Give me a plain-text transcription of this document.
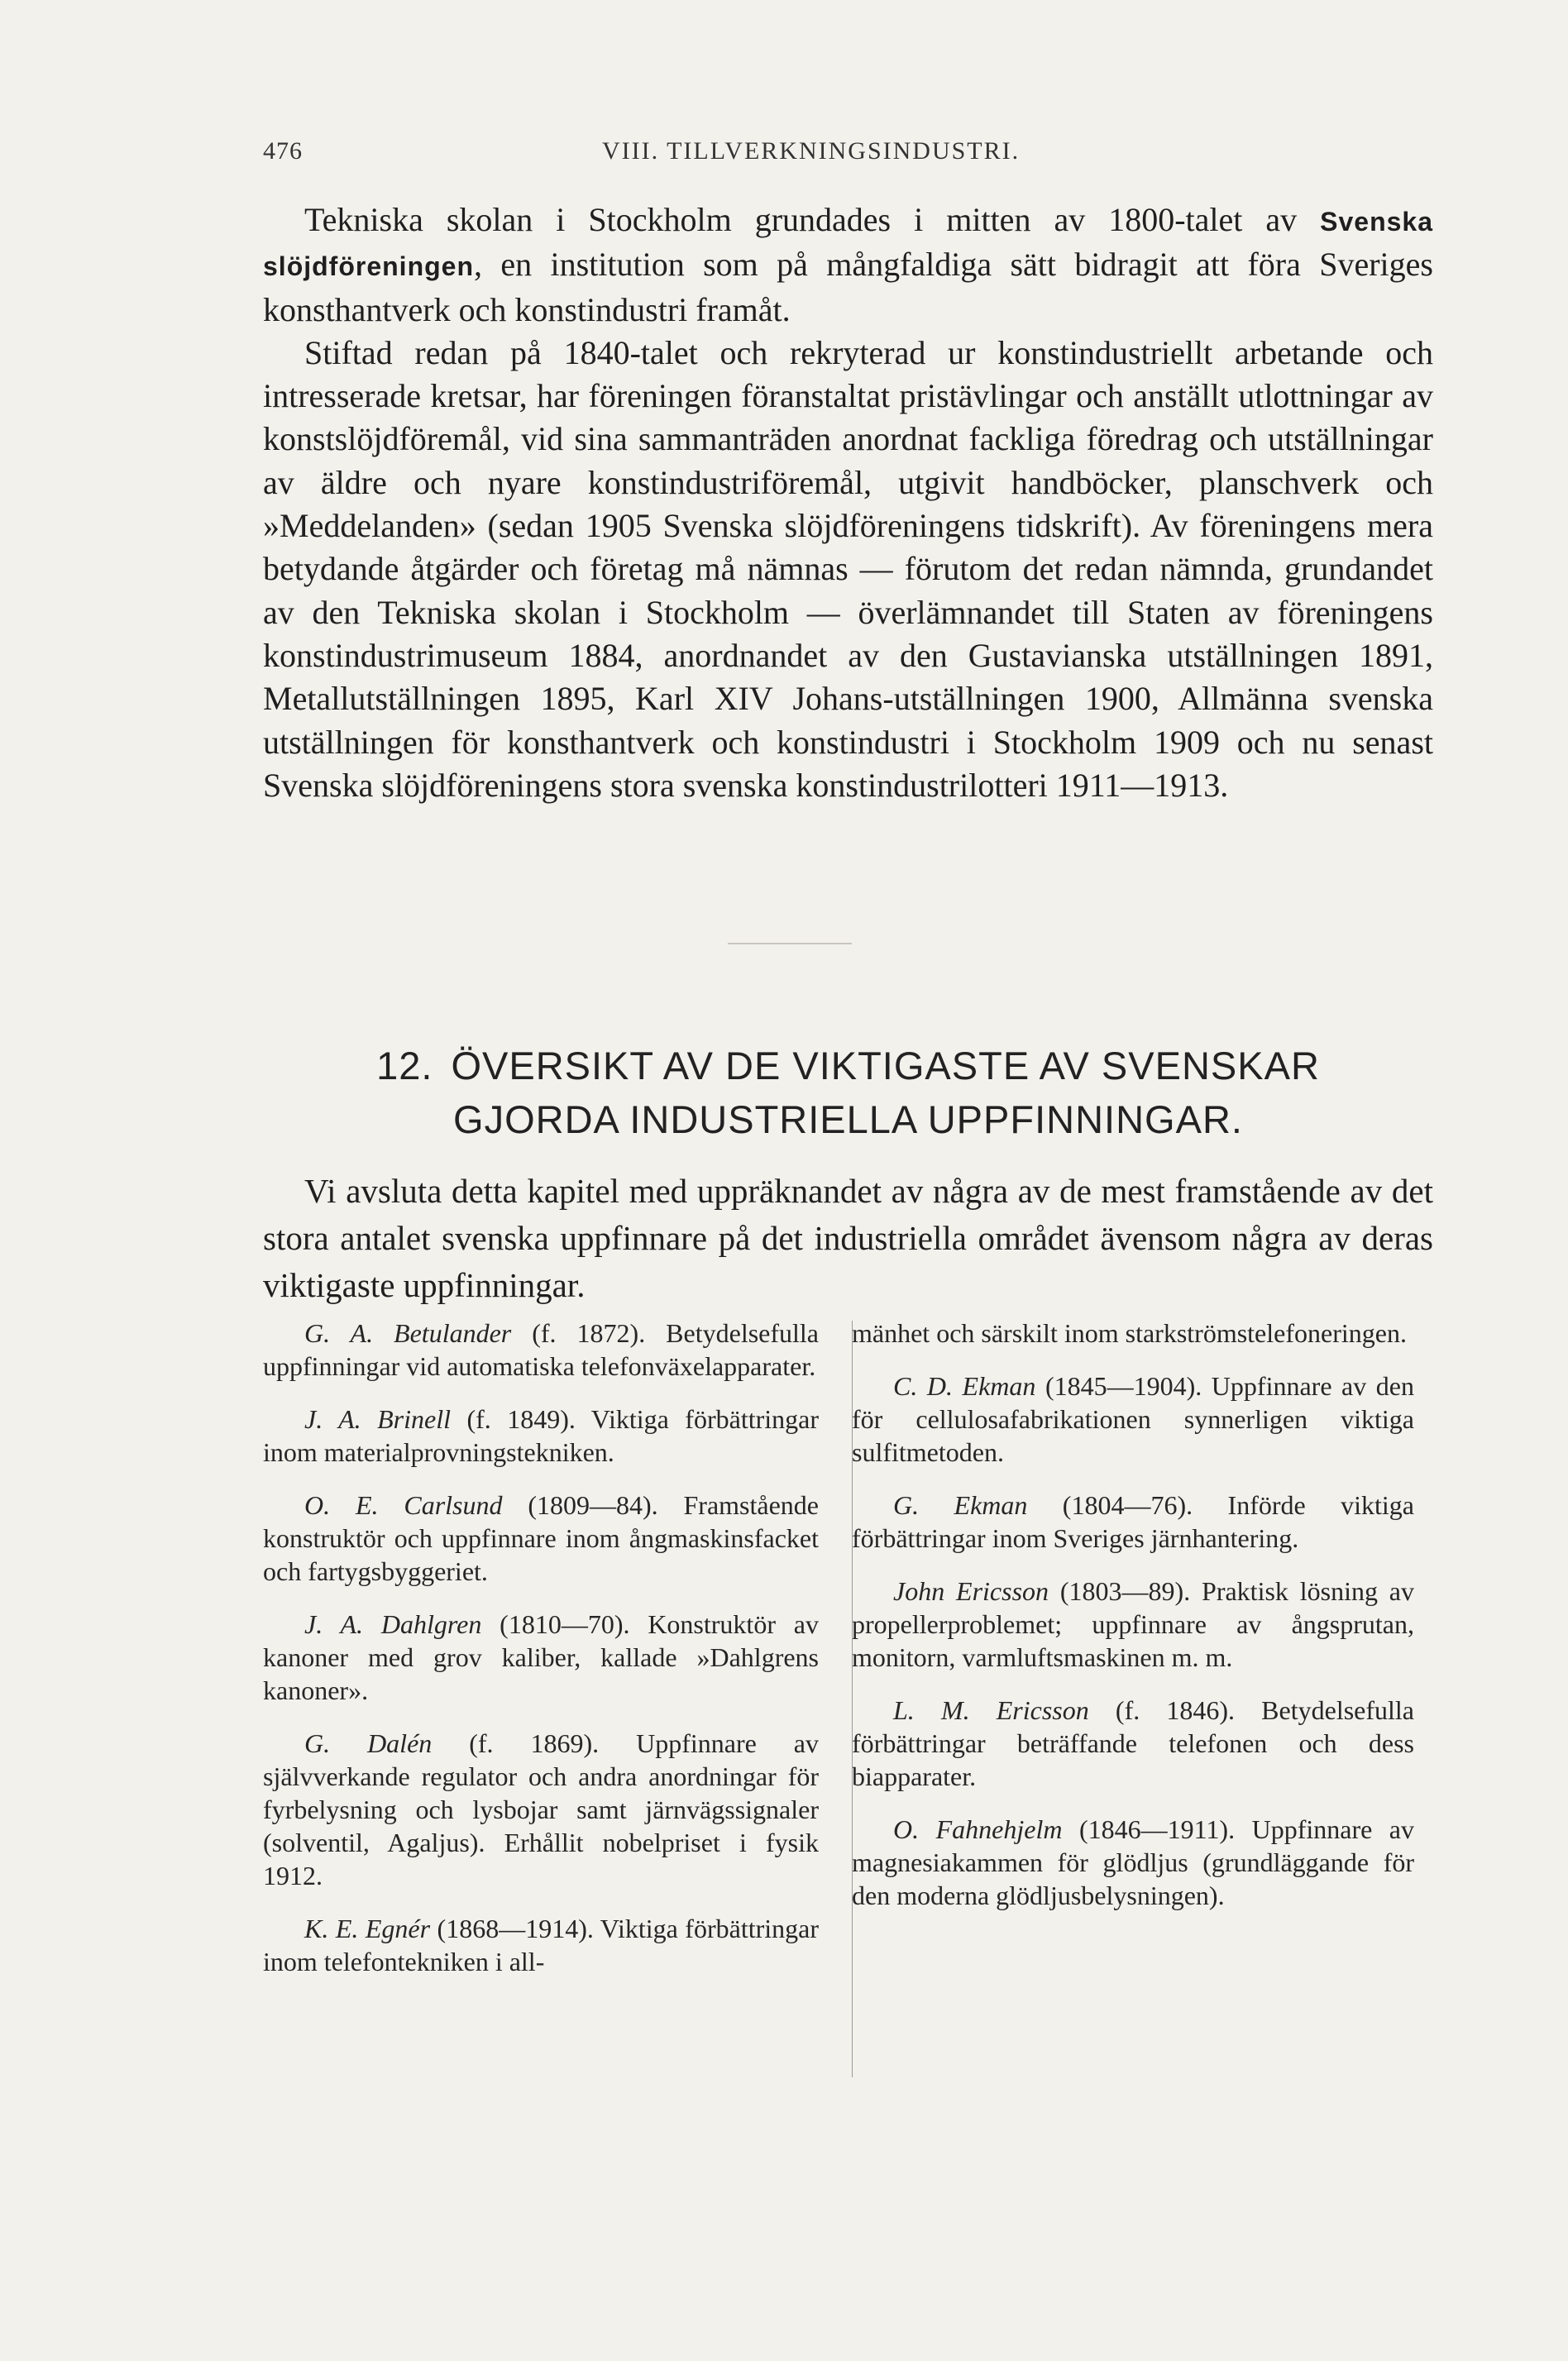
476	VIII. TILLVERKNINGSINDUSTRI.

Tekniska skolan i Stockholm grundades i mitten av 1800-talet av Svenska slöjdföreningen, en institution som på mångfaldiga sätt bidragit att föra Sveriges konsthantverk och konstindustri framåt.

Stiftad redan på 1840-talet och rekryterad ur konstindustriellt arbetande och intresserade kretsar, har föreningen föranstaltat pristävlingar och anställt utlottningar av konstslöjdföremål, vid sina sammanträden anordnat fackliga föredrag och utställningar av äldre och nyare konstindustriföremål, utgivit handböcker, planschverk och »Meddelanden» (sedan 1905 Svenska slöjdföreningens tidskrift). Av föreningens mera betydande åtgärder och företag må nämnas — förutom det redan nämnda, grundandet av den Tekniska skolan i Stockholm — överlämnandet till Staten av föreningens konstindustrimuseum 1884, anordnandet av den Gustavianska utställningen 1891, Metallutställningen 1895, Karl XIV Johans-utställningen 1900, Allmänna svenska utställningen för konsthantverk och konstindustri i Stockholm 1909 och nu senast Svenska slöjdföreningens stora svenska konstindustrilotteri 1911—1913.

12. ÖVERSIKT AV DE VIKTIGASTE AV SVENSKAR
GJORDA INDUSTRIELLA UPPFINNINGAR.

Vi avsluta detta kapitel med uppräknandet av några av de mest framstående av det stora antalet svenska uppfinnare på det industriella området ävensom några av deras viktigaste uppfinningar.

G. A. Betulander (f. 1872). Betydelsefulla uppfinningar vid automatiska telefonväxelapparater.

J. A. Brinell (f. 1849). Viktiga förbättringar inom materialprovningstekniken.

O. E. Carlsund (1809—84). Framstående konstruktör och uppfinnare inom ångmaskinsfacket och fartygsbyggeriet.

J. A. Dahlgren (1810—70). Konstruktör av kanoner med grov kaliber, kallade »Dahlgrens kanoner».

G. Dalén (f. 1869). Uppfinnare av självverkande regulator och andra anordningar för fyrbelysning och lysbojar samt järnvägssignaler (solventil, Agaljus). Erhållit nobelpriset i fysik 1912.

K. E. Egnér (1868—1914). Viktiga förbättringar inom telefontekniken i all-

mänhet och särskilt inom starkströmstelefoneringen.

C. D. Ekman (1845—1904). Uppfinnare av den för cellulosafabrikationen synnerligen viktiga sulfitmetoden.

G. Ekman (1804—76). Införde viktiga förbättringar inom Sveriges järnhantering.

John Ericsson (1803—89). Praktisk lösning av propellerproblemet; uppfinnare av ångsprutan, monitorn, varmluftsmaskinen m. m.

L. M. Ericsson (f. 1846). Betydelsefulla förbättringar beträffande telefonen och dess biapparater.

O. Fahnehjelm (1846—1911). Uppfinnare av magnesiakammen för glödljus (grundläggande för den moderna glödljusbelysningen).
